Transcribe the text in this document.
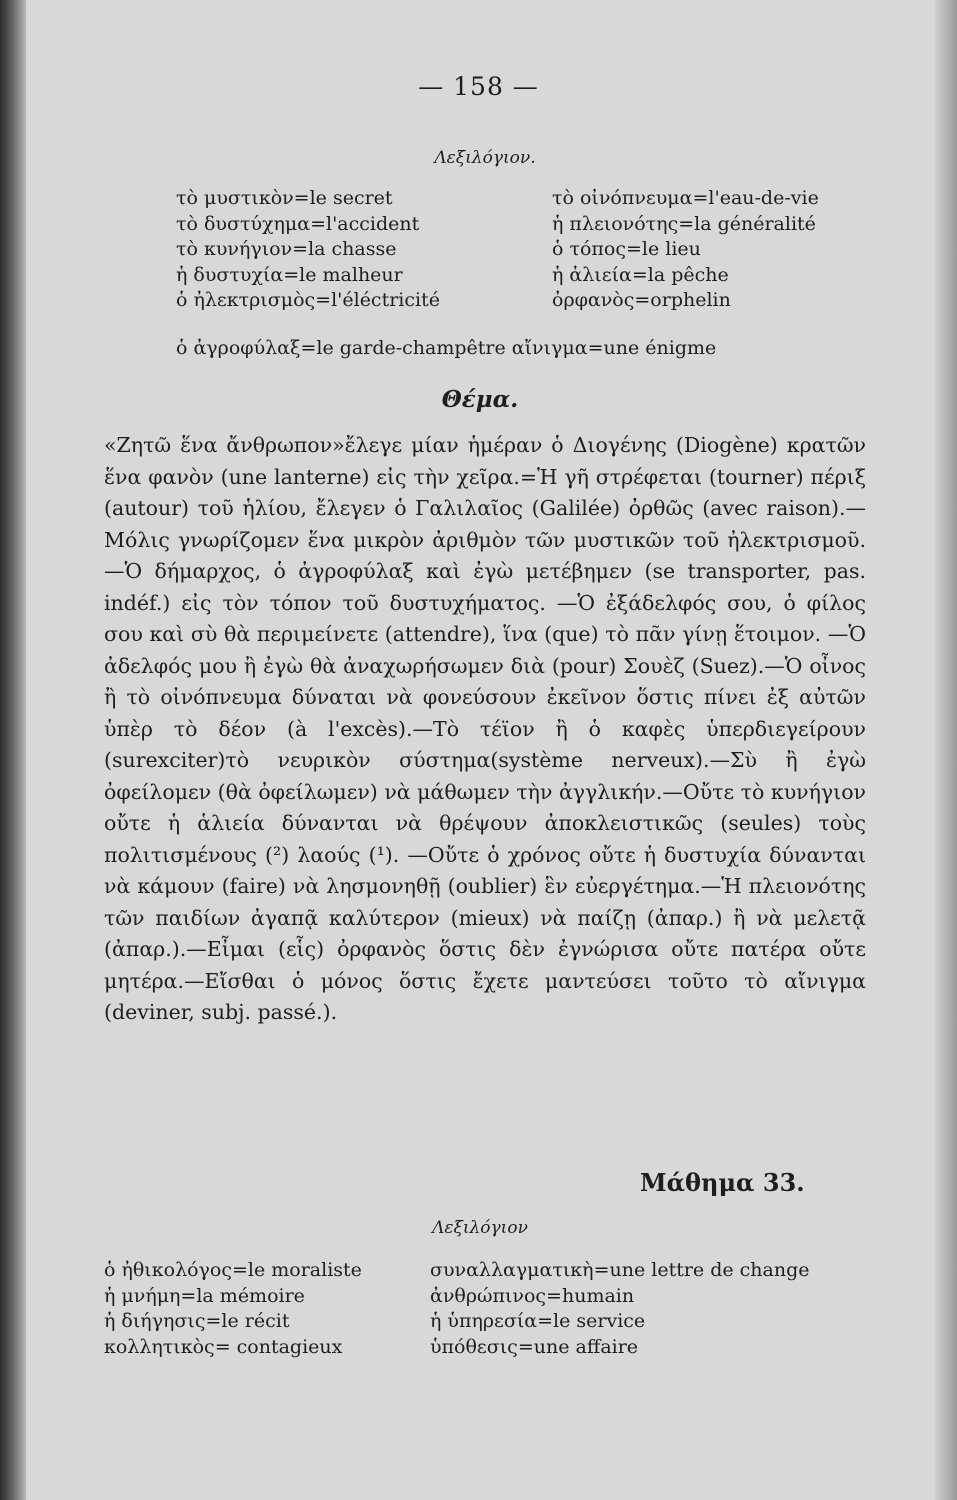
— 158 —
Λεξιλόγιον.
τὸ μυστικὸν=le secret
τὸ δυστύχημα=l'accident
τὸ κυνήγιον=la chasse
ἡ δυστυχία=le malheur
ὁ ἠλεκτρισμὸς=l'éléctricité
τὸ οἰνόπνευμα=l'eau-de-vie
ἡ πλειονότης=la généralité
ὁ τόπος=le lieu
ἡ ἁλιεία=la pêche
ὀρφανὸς=orphelin
ὁ ἀγροφύλαξ=le garde-champêtre αἴνιγμα=une énigme
Θέμα.
«Ζητῶ ἕνα ἄνθρωπον»ἔλεγε μίαν ἡμέραν ὁ Διογένης (Diogène) κρατῶν ἕνα φανὸν (une lanterne) εἰς τὴν χεῖρα.=Ἡ γῆ στρέφεται (tourner) πέριξ (autour) τοῦ ἡλίου, ἔλεγεν ὁ Γαλιλαῖος (Galilée) ὀρθῶς (avec raison).—Μόλις γνωρίζομεν ἕνα μικρὸν ἀριθμὸν τῶν μυστικῶν τοῦ ἠλεκτρισμοῦ.—Ὁ δήμαρχος, ὁ ἀγροφύλαξ καὶ ἐγὼ μετέβημεν (se transporter, pas. indéf.) εἰς τὸν τόπον τοῦ δυστυχήματος. —Ὁ ἐξάδελφός σου, ὁ φίλος σου καὶ σὺ θὰ περιμείνετε (attendre), ἵνα (que) τὸ πᾶν γίνῃ ἕτοιμον. —Ὁ ἀδελφός μου ἢ ἐγὼ θὰ ἀναχωρήσωμεν διὰ (pour) Σουὲζ (Suez).—Ὁ οἶνος ἢ τὸ οἰνόπνευμα δύναται νὰ φονεύσουν ἐκεῖνον ὅστις πίνει ἐξ αὐτῶν ὑπὲρ τὸ δέον (à l'excès).—Τὸ τέϊον ἢ ὁ καφὲς ὑπερδιεγείρουν (surexciter)τὸ νευρικὸν σύστημα(système nerveux).—Σὺ ἢ ἐγὼ ὀφείλομεν (θὰ ὀφείλωμεν) νὰ μάθωμεν τὴν ἀγγλικήν.—Οὔτε τὸ κυνήγιον οὔτε ἡ ἁλιεία δύνανται νὰ θρέψουν ἀποκλειστικῶς (seules) τοὺς πολιτισμένους (²) λαούς (¹). —Οὔτε ὁ χρόνος οὔτε ἡ δυστυχία δύνανται νὰ κάμουν (faire) νὰ λησμονηθῇ (oublier) ἓν εὐεργέτημα.—Ἡ πλειονότης τῶν παιδίων ἀγαπᾷ καλύτερον (mieux) νὰ παίζῃ (ἀπαρ.) ἢ νὰ μελετᾷ (ἀπαρ.).—Εἶμαι (εἷς) ὀρφανὸς ὅστις δὲν ἐγνώρισα οὔτε πατέρα οὔτε μητέρα.—Εἴσθαι ὁ μόνος ὅστις ἔχετε μαντεύσει τοῦτο τὸ αἴνιγμα (deviner, subj. passé.).
Μάθημα 33.
Λεξιλόγιον
ὁ ἠθικολόγος=le moraliste
ἡ μνήμη=la mémoire
ἡ διήγησις=le récit
κολλητικὸς= contagieux
συναλλαγματικὴ=une lettre de change
ἀνθρώπινος=humain
ἡ ὑπηρεσία=le service
ὑπόθεσις=une affaire
